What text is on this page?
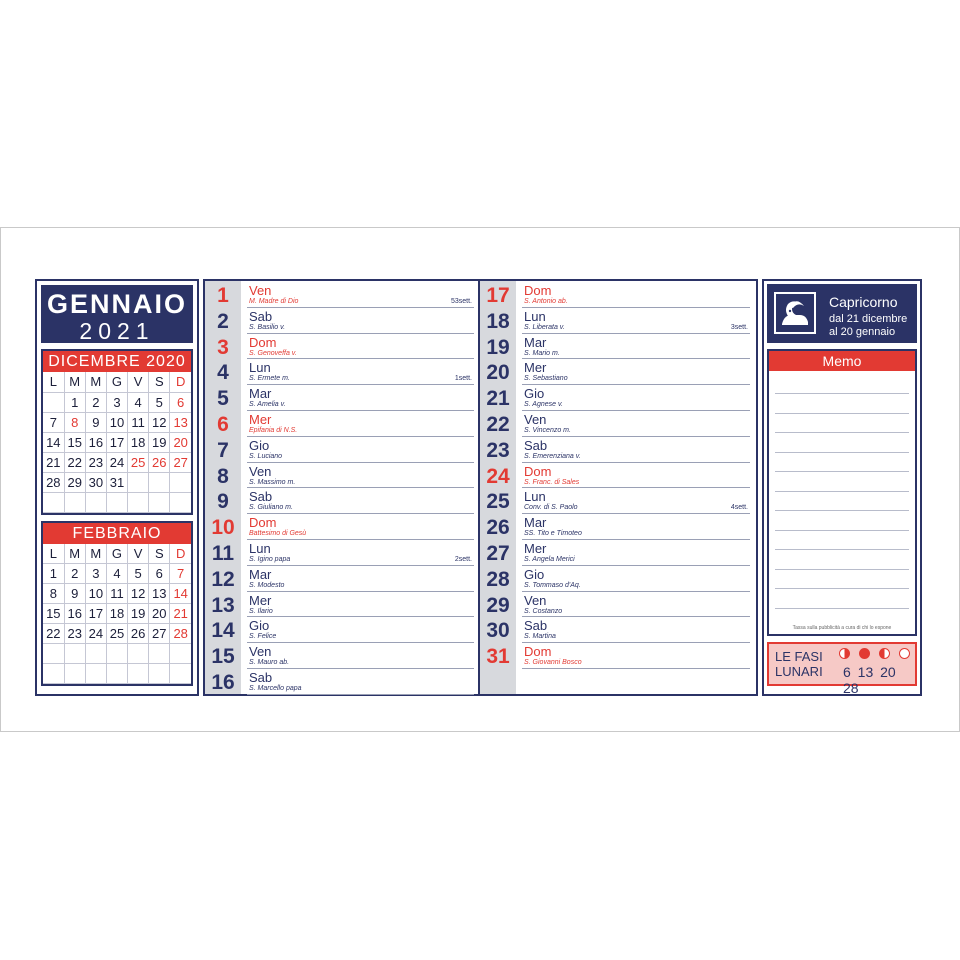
GENNAIO
2021
DICEMBRE 2020
L	M	M	G	V	S	D
	1	2	3	4	5	6
7	8	9	10	11	12	13
14	15	16	17	18	19	20
21	22	23	24	25	26	27
28	29	30	31			

FEBBRAIO
L	M	M	G	V	S	D
1	2	3	4	5	6	7
8	9	10	11	12	13	14
15	16	17	18	19	20	21
22	23	24	25	26	27	28

1	Ven
M. Madre di Dio	53sett.
2	Sab
S. Basilio v.
3	Dom
S. Genoveffa v.
4	Lun
S. Ermete m.	1sett.
5	Mar
S. Amelia v.
6	Mer
Epifania di N.S.
7	Gio
S. Luciano
8	Ven
S. Massimo m.
9	Sab
S. Giuliano m.
10	Dom
Battesimo di Gesù
11	Lun
S. Igino papa	2sett.
12	Mar
S. Modesto
13	Mer
S. Ilario
14	Gio
S. Felice
15	Ven
S. Mauro ab.
16	Sab
S. Marcello papa
17	Dom
S. Antonio ab.
18	Lun
S. Liberata v.	3sett.
19	Mar
S. Mario m.
20	Mer
S. Sebastiano
21	Gio
S. Agnese v.
22	Ven
S. Vincenzo m.
23	Sab
S. Emerenziana v.
24	Dom
S. Franc. di Sales
25	Lun
Conv. di S. Paolo	4sett.
26	Mar
SS. Tito e Timoteo
27	Mer
S. Angela Merici
28	Gio
S. Tommaso d'Aq.
29	Ven
S. Costanzo
30	Sab
S. Martina
31	Dom
S. Giovanni Bosco
Capricorno
dal 21 dicembre
al 20 gennaio
Memo
Tassa sulla pubblicità a cura di chi lo espone
LE FASI
LUNARI 6 13 20 28
